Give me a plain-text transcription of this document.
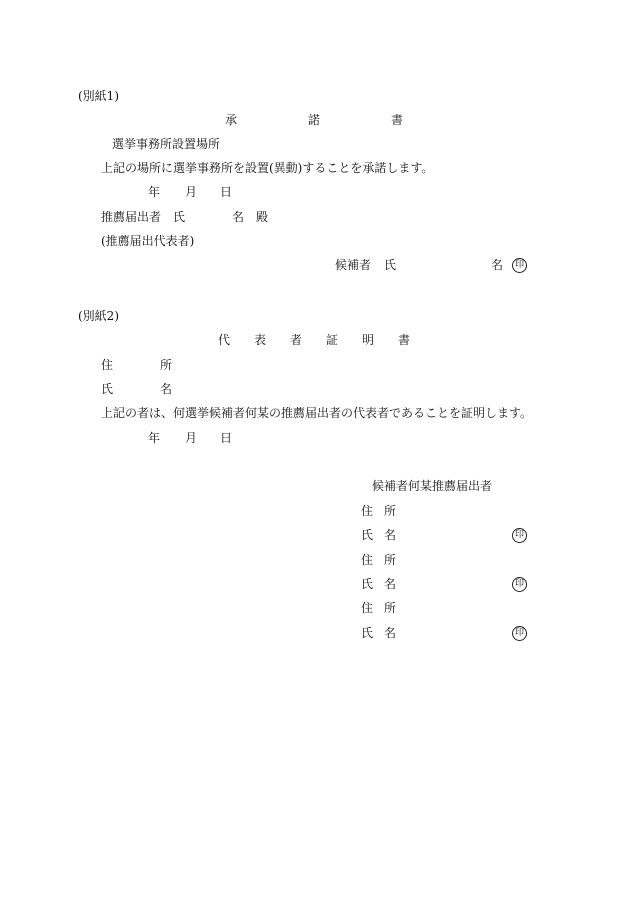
(別紙1)
承	諾	書
選挙事務所設置場所
上記の場所に選挙事務所を設置(異動)することを承諾します。
年 月 日
推薦届出者 氏	名 殿
(推薦届出代表者)
候補者 氏	名	印
(別紙2)
代 表 者 証 明 書
住	所
氏	名
上記の者は、何選挙候補者何某の推薦届出者の代表者であることを証明します。
年 月 日
候補者何某推薦届出者
住 所
氏 名	印
住 所
氏 名	印
住 所
氏 名	印
